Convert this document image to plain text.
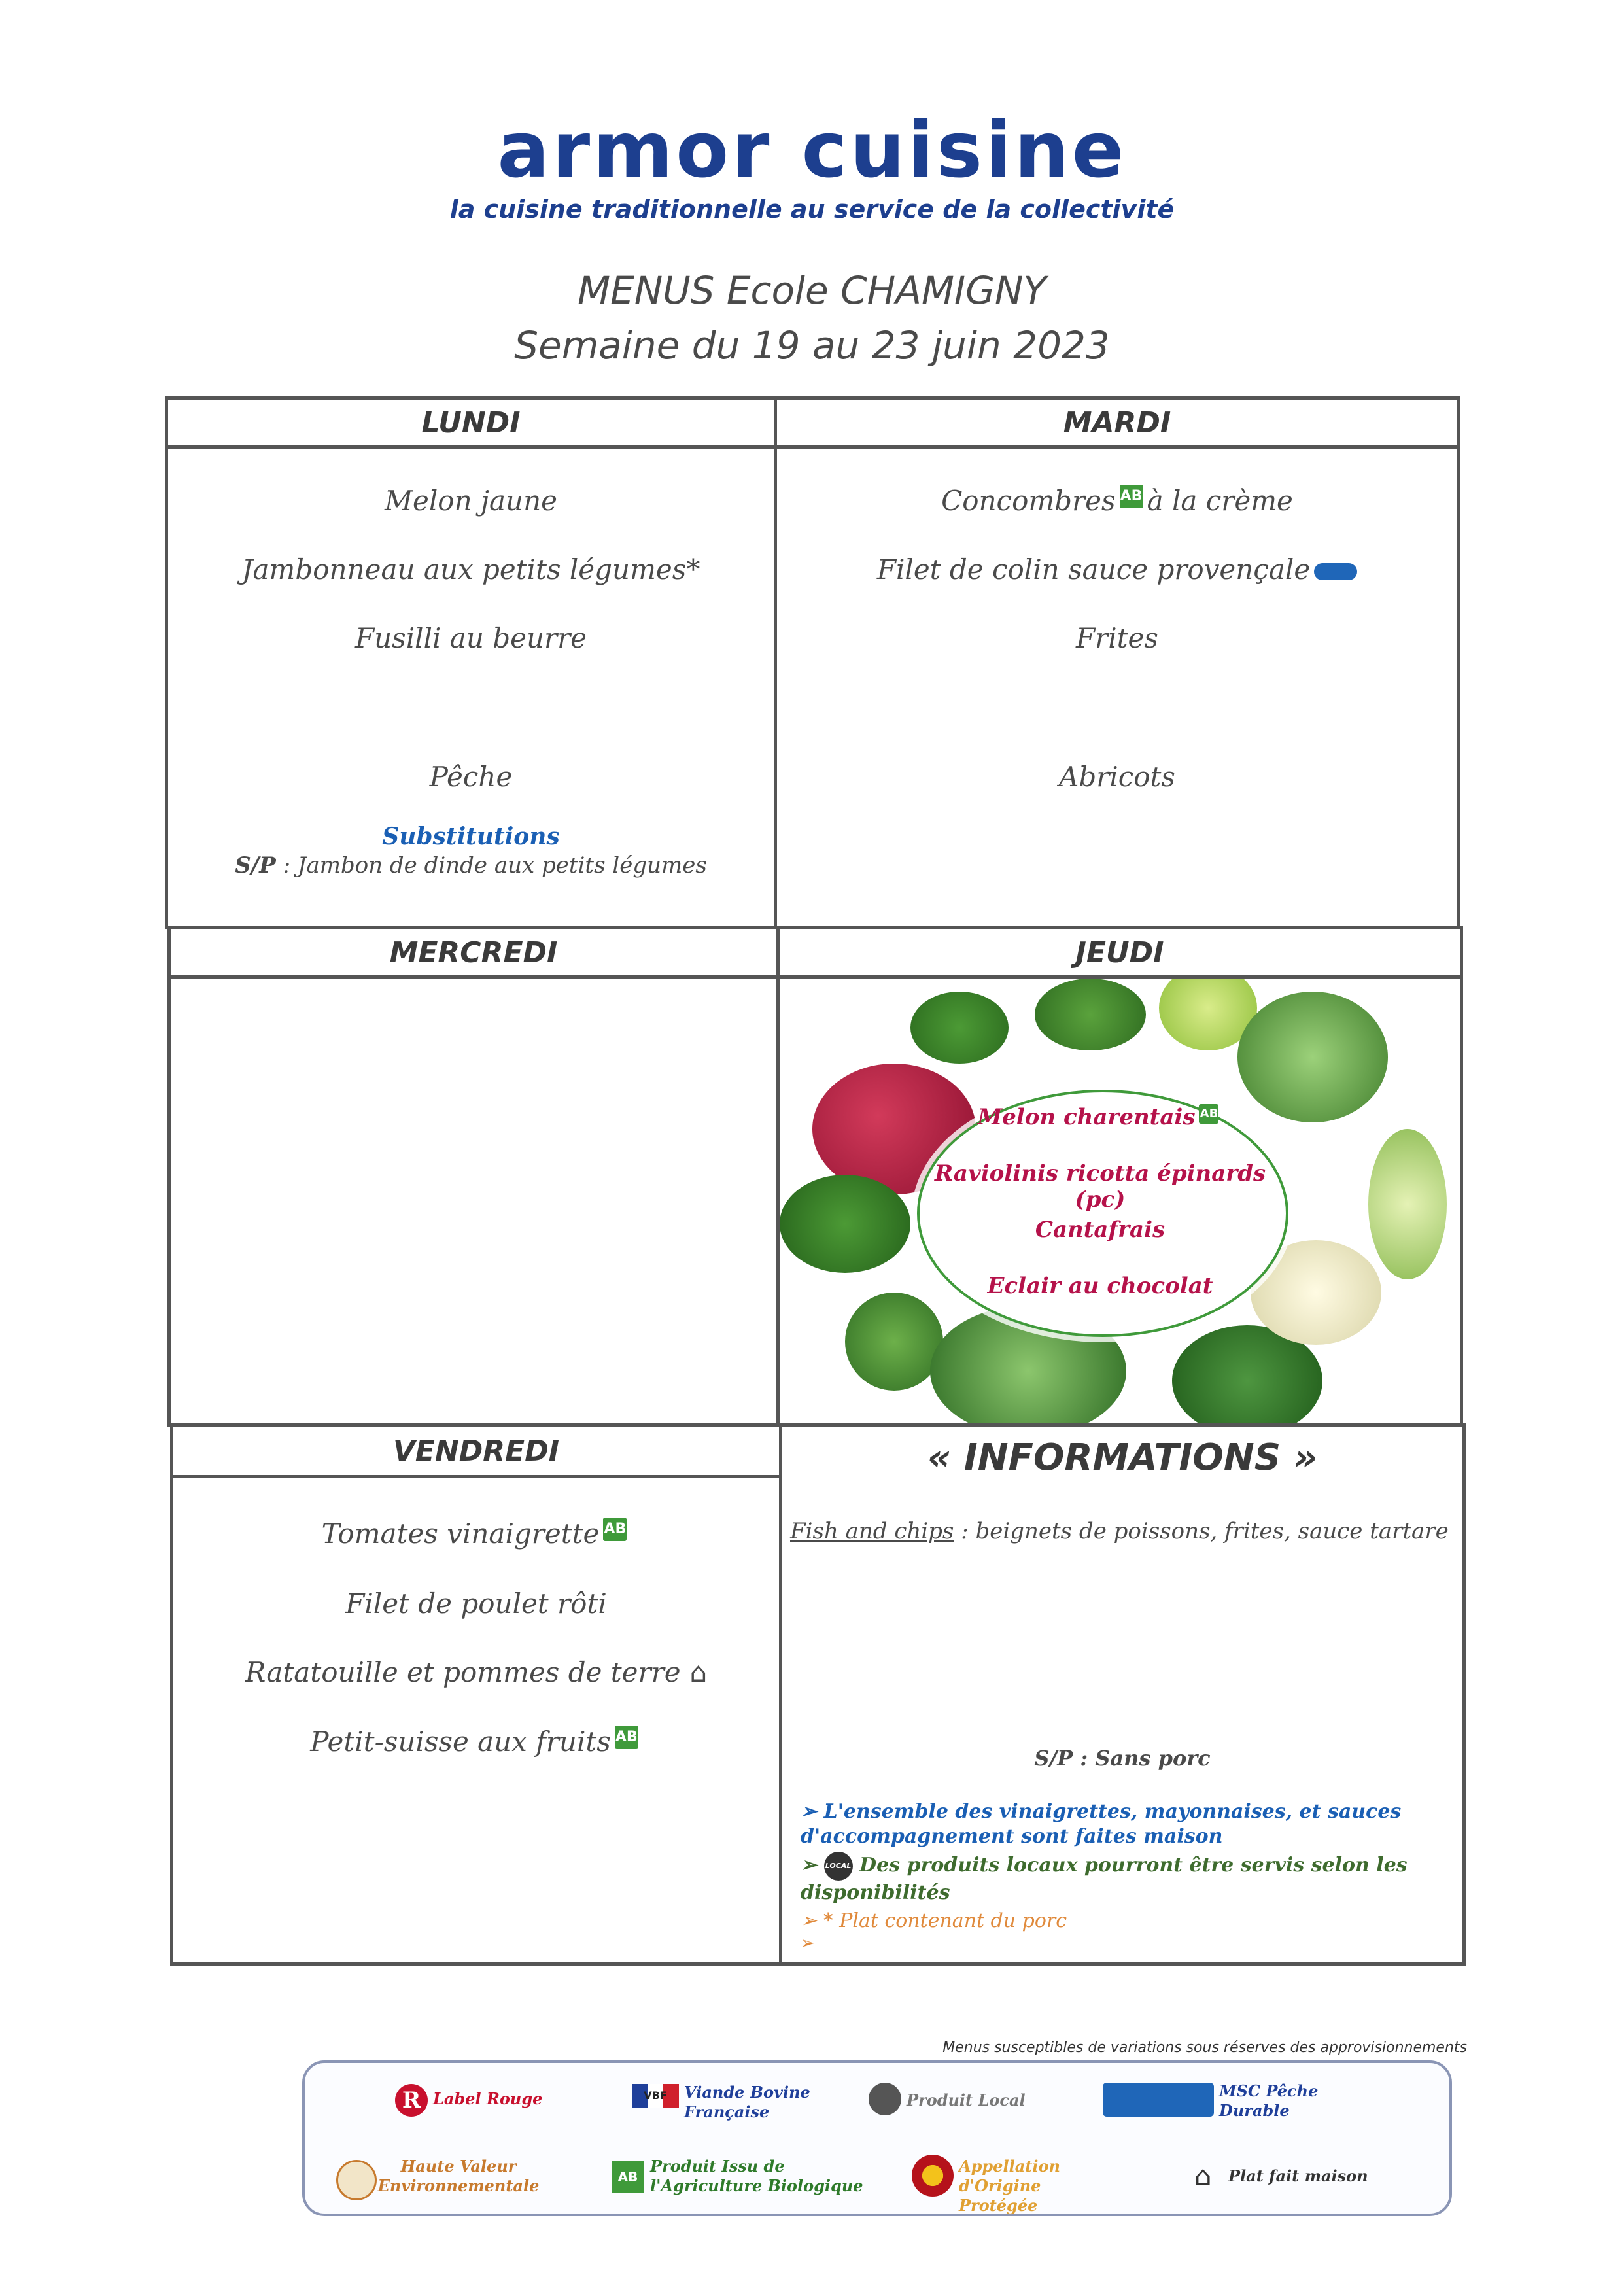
armor cuisine
la cuisine traditionnelle au service de la collectivité
MENUS Ecole CHAMIGNY
Semaine du 19 au 23 juin 2023
LUNDI
Melon jaune
Jambonneau aux petits légumes*
Fusilli au beurre
Pêche
Substitutions
S/P : Jambon de dinde aux petits légumes
MARDI
Concombres AB à la crème
Filet de colin sauce provençale
Frites
Abricots
MERCREDI	JEUDI
Melon charentais AB
Raviolinis ricotta épinards (pc)
Cantafrais
Eclair au chocolat
VENDREDI
Tomates vinaigrette AB
Filet de poulet rôti
Ratatouille et pommes de terre ⌂
Petit-suisse aux fruits AB
« INFORMATIONS »
Fish and chips : beignets de poissons, frites, sauce tartare
S/P : Sans porc
➢ L'ensemble des vinaigrettes, mayonnaises, et sauces d'accompagnement sont faites maison
➢ LOCAL Des produits locaux pourront être servis selon les disponibilités
➢ * Plat contenant du porc
➢
Menus susceptibles de variations sous réserves des approvisionnements
R Label Rouge	VBF	Viande Bovine Française
Produit Local	MSC Pêche Durable
Haute Valeur Environnementale	AB
Produit Issu de l'Agriculture Biologique
Appellation d'Origine Protégée
⌂ Plat fait maison
